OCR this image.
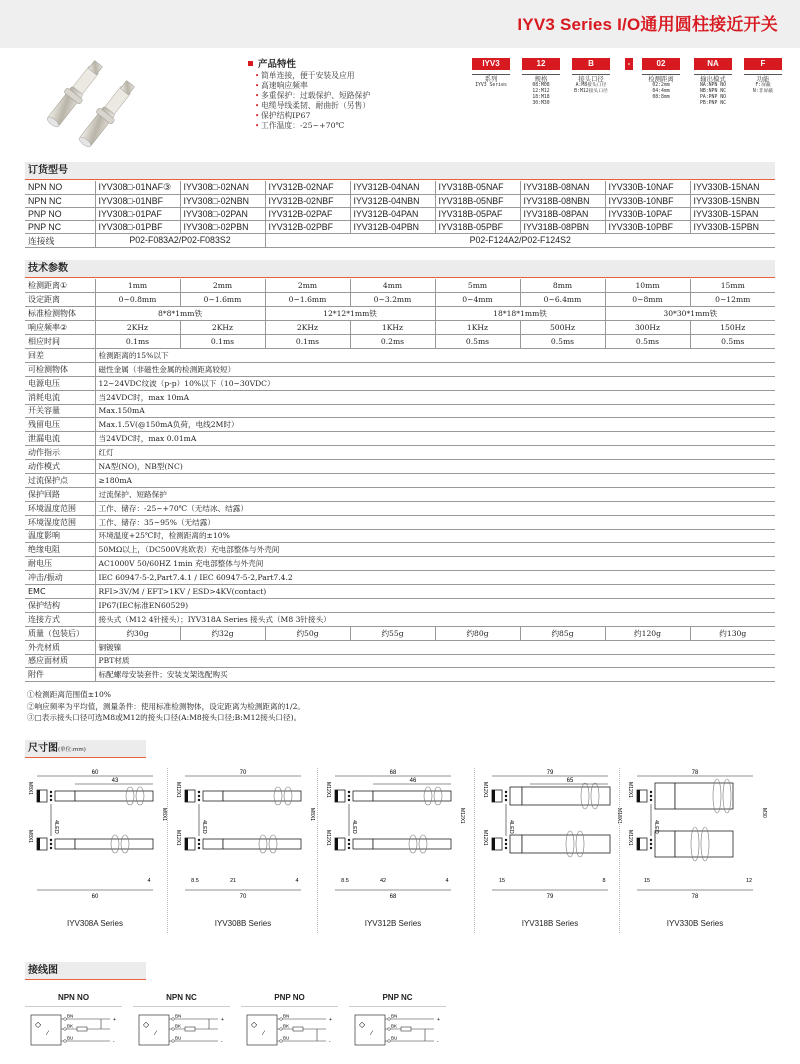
IYV3 Series I/O通用圆柱接近开关
产品特性
• 简单连接，便于安装及应用
• 高速响应频率
• 多重保护：过载保护、短路保护
• 电缆导线柔韧、耐曲折（另售）
• 保护结构IP67
• 工作温度：-25~+70℃
IYV3
系列
IYV3 Series
12
规格
08:M08
12:M12
18:M18
30:M30
B
接头口径
A:M8接头口径
B:M12接头口径
-	02
检测距离
02:2mm
04:4mm
08:8mm
NA
输出模式
NA:NPN NO
NB:NPN NC
PA:PNP NO
PB:PNP NC
F
功能
F:屏蔽
N:非屏蔽
订货型号
NPN NO	IYV308□-01NAF③	IYV308□-02NAN	IYV312B-02NAF	IYV312B-04NAN	IYV318B-05NAF	IYV318B-08NAN	IYV330B-10NAF	IYV330B-15NAN
NPN NC	IYV308□-01NBF	IYV308□-02NBN	IYV312B-02NBF	IYV312B-04NBN	IYV318B-05NBF	IYV318B-08NBN	IYV330B-10NBF	IYV330B-15NBN
PNP NO	IYV308□-01PAF	IYV308□-02PAN	IYV312B-02PAF	IYV312B-04PAN	IYV318B-05PAF	IYV318B-08PAN	IYV330B-10PAF	IYV330B-15PAN
PNP NC	IYV308□-01PBF	IYV308□-02PBN	IYV312B-02PBF	IYV312B-04PBN	IYV318B-05PBF	IYV318B-08PBN	IYV330B-10PBF	IYV330B-15PBN
连接线	P02-F083A2/P02-F083S2		P02-F124A2/P02-F124S2					
技术参数
检测距离①	1mm	2mm	2mm	4mm	5mm	8mm	10mm	15mm
设定距离	0~0.8mm	0~1.6mm	0~1.6mm	0~3.2mm	0~4mm	0~6.4mm	0~8mm	0~12mm
标准检测物体	8*8*1mm铁		12*12*1mm铁		18*18*1mm铁		30*30*1mm铁	
响应频率②	2KHz	2KHz	2KHz	1KHz	1KHz	500Hz	300Hz	150Hz
相应时间	0.1ms	0.1ms	0.1ms	0.2ms	0.5ms	0.5ms	0.5ms	0.5ms
回差	检测距离的15%以下							
可检测物体	磁性金属（非磁性金属的检测距离较短）							
电源电压	12~24VDC纹波（p-p）10%以下（10~30VDC）							
消耗电流	当24VDC时，max 10mA							
开关容量	Max.150mA							
残留电压	Max.1.5V(@150mA负荷，电线2M时）							
泄漏电流	当24VDC时，max 0.01mA							
动作指示	红灯							
动作模式	NA型(NO)，NB型(NC)							
过流保护点	≥180mA							
保护回路	过流保护、短路保护							
环境温度范围	工作、储存：-25~+70℃（无结冰、结露）							
环境湿度范围	工作、储存：35~95%（无结露）							
温度影响	环境温度+25℃时，检测距离的±10%							
绝缘电阻	50MΩ以上，（DC500V兆欧表）充电部整体与外壳间							
耐电压	AC1000V 50/60HZ 1min 充电部整体与外壳间							
冲击/振动	IEC 60947-5-2,Part7.4.1 / IEC 60947-5-2,Part7.4.2							
EMC	RFI>3V/M / EFT>1KV / ESD>4KV(contact)							
保护结构	IP67(IEC标准EN60529)							
连接方式	接头式（M12 4针接头）；IYV318A Series 接头式（M8 3针接头）							
质量（包装后）	约30g	约32g	约50g	约55g	约80g	约85g	约120g	约130g
外壳材质	铜镀镍							
感应面材质	PBT材质							
附件	标配螺母安装套件；安装支架选配购买							
①检测距离范围值±10%
②响应频率为平均值，测量条件：使用标准检测物体，设定距离为检测距离的1/2。
③□表示接头口径可选M8或M12的接头口径(A:M8接头口径;B:M12接头口径)。
尺寸图(单位:mm)
60
60
43
4LED
M8X1
M8X1
M8X1
4
IYV308A Series
70
70
4LED
M12X1
M12X1
M8X1
8.5	21	4
IYV308B Series
68
68
46
4LED
M12X1
M12X1
M12X1
8.5	42	4
IYV312B Series
79
79
65
4LED
M12X1
M12X1
M18X1
15	8
IYV318B Series
78
78
4LED
M12X1
M12X1
M30
15	12
IYV330B Series
接线图
NPN NO
◇
⁄
BN
BK
BU
+
-
NPN NC
◇
⁄
BN
BK
BU
+
-
PNP NO
◇
⁄
BN
BK
BU
+
-
PNP NC
◇
⁄
BN
BK
BU
+
-
